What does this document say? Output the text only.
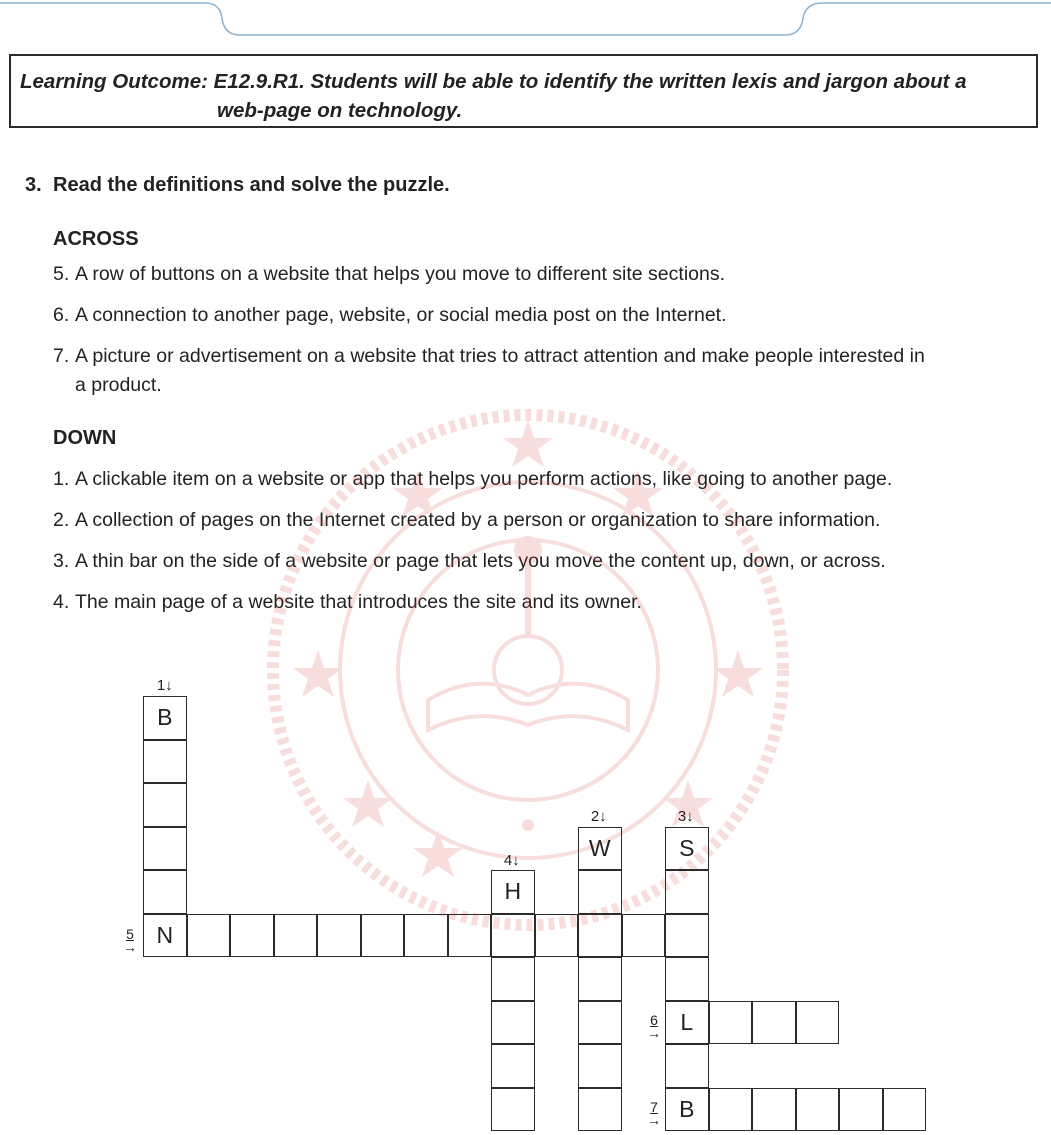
Learning Outcome: E12.9.R1. Students will be able to identify the written lexis and jargon about a
web-page on technology.
3. Read the definitions and solve the puzzle.
ACROSS
5. A row of buttons on a website that helps you move to different site sections.
6. A connection to another page, website, or social media post on the Internet.
7. A picture or advertisement on a website that tries to attract attention and make people interested in
a product.
DOWN
1. A clickable item on a website or app that helps you perform actions, like going to another page.
2. A collection of pages on the Internet created by a person or organization to share information.
3. A thin bar on the side of a website or page that lets you move the content up, down, or across.
4. The main page of a website that introduces the site and its owner.
1↓
2↓	3↓
4↓
5
→
6
→
7
→
B
N
H
W	S
L
B
